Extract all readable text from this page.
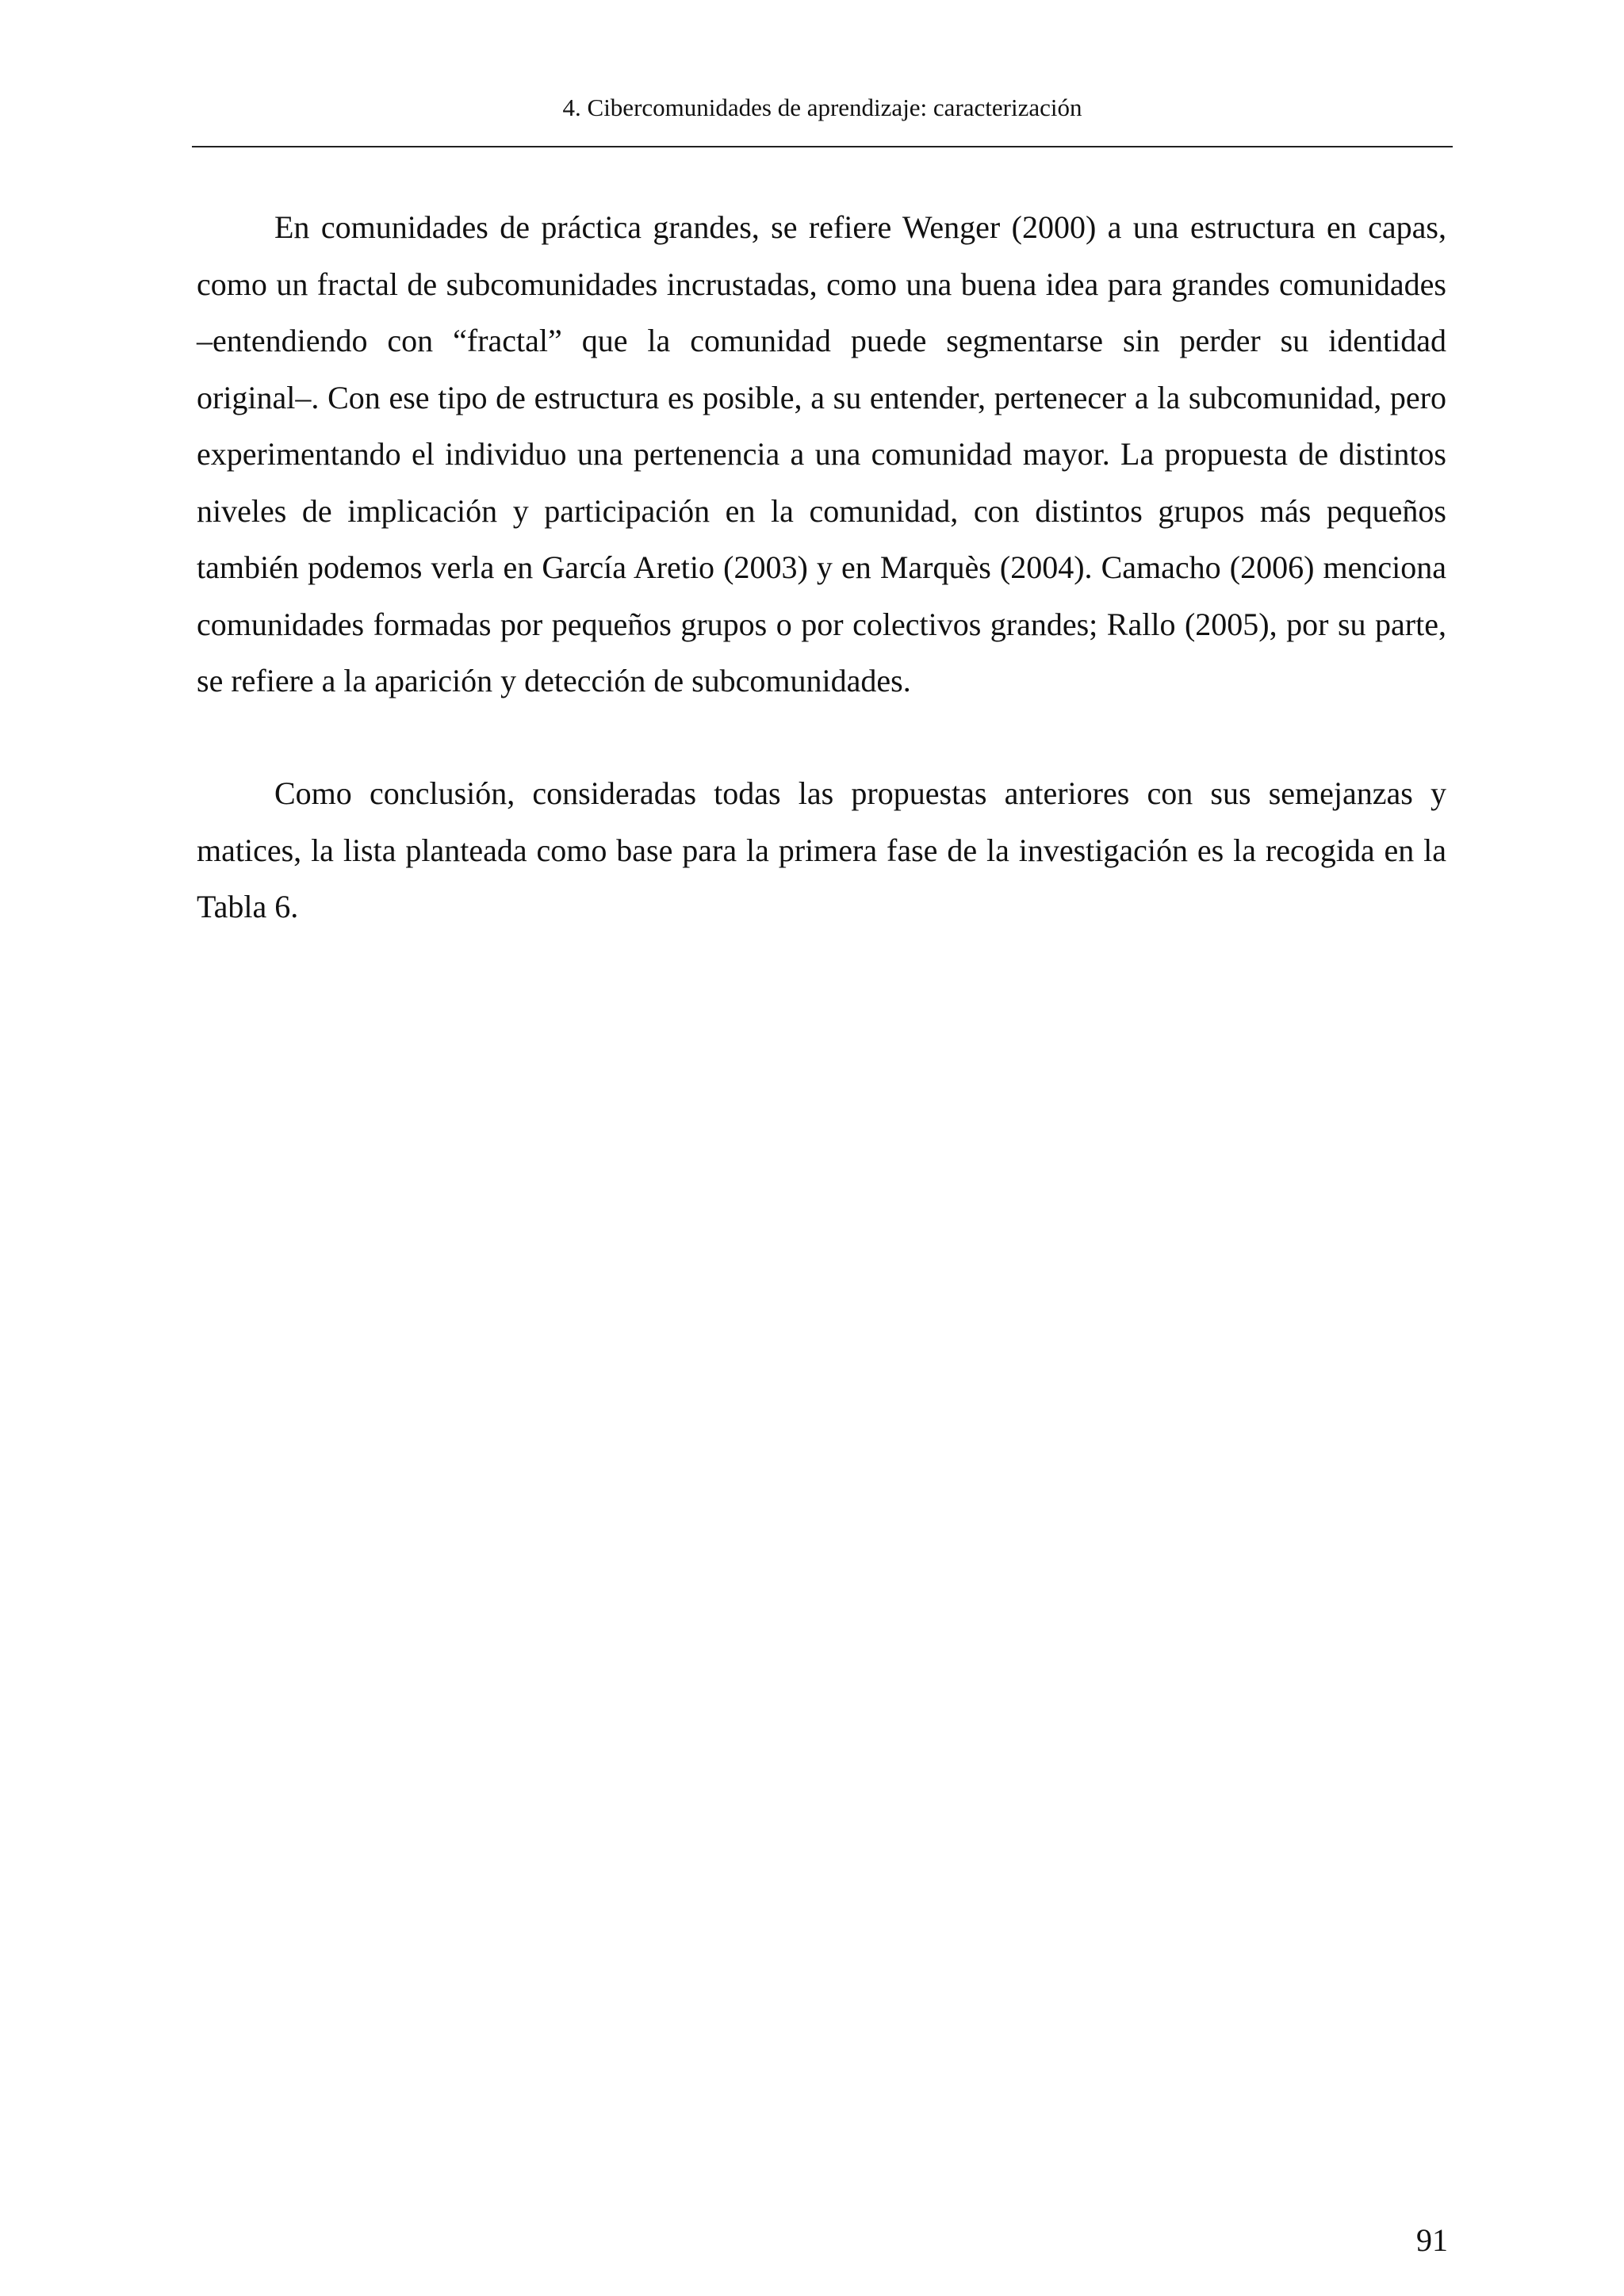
4. Cibercomunidades de aprendizaje: caracterización

En comunidades de práctica grandes, se refiere Wenger (2000) a una estructura en capas, como un fractal de subcomunidades incrustadas, como una buena idea para grandes comunidades –entendiendo con “fractal” que la comunidad puede segmentarse sin perder su identidad original–. Con ese tipo de estructura es posible, a su entender, pertenecer a la subcomunidad, pero experimentando el individuo una pertenencia a una comunidad mayor. La propuesta de distintos niveles de implicación y participación en la comunidad, con distintos grupos más pequeños también podemos verla en García Aretio (2003) y en Marquès (2004). Camacho (2006) menciona comunidades formadas por pequeños grupos o por colectivos grandes; Rallo (2005), por su parte, se refiere a la aparición y detección de subcomunidades.

Como conclusión, consideradas todas las propuestas anteriores con sus semejanzas y matices, la lista planteada como base para la primera fase de la investigación es la recogida en la Tabla 6.

91
